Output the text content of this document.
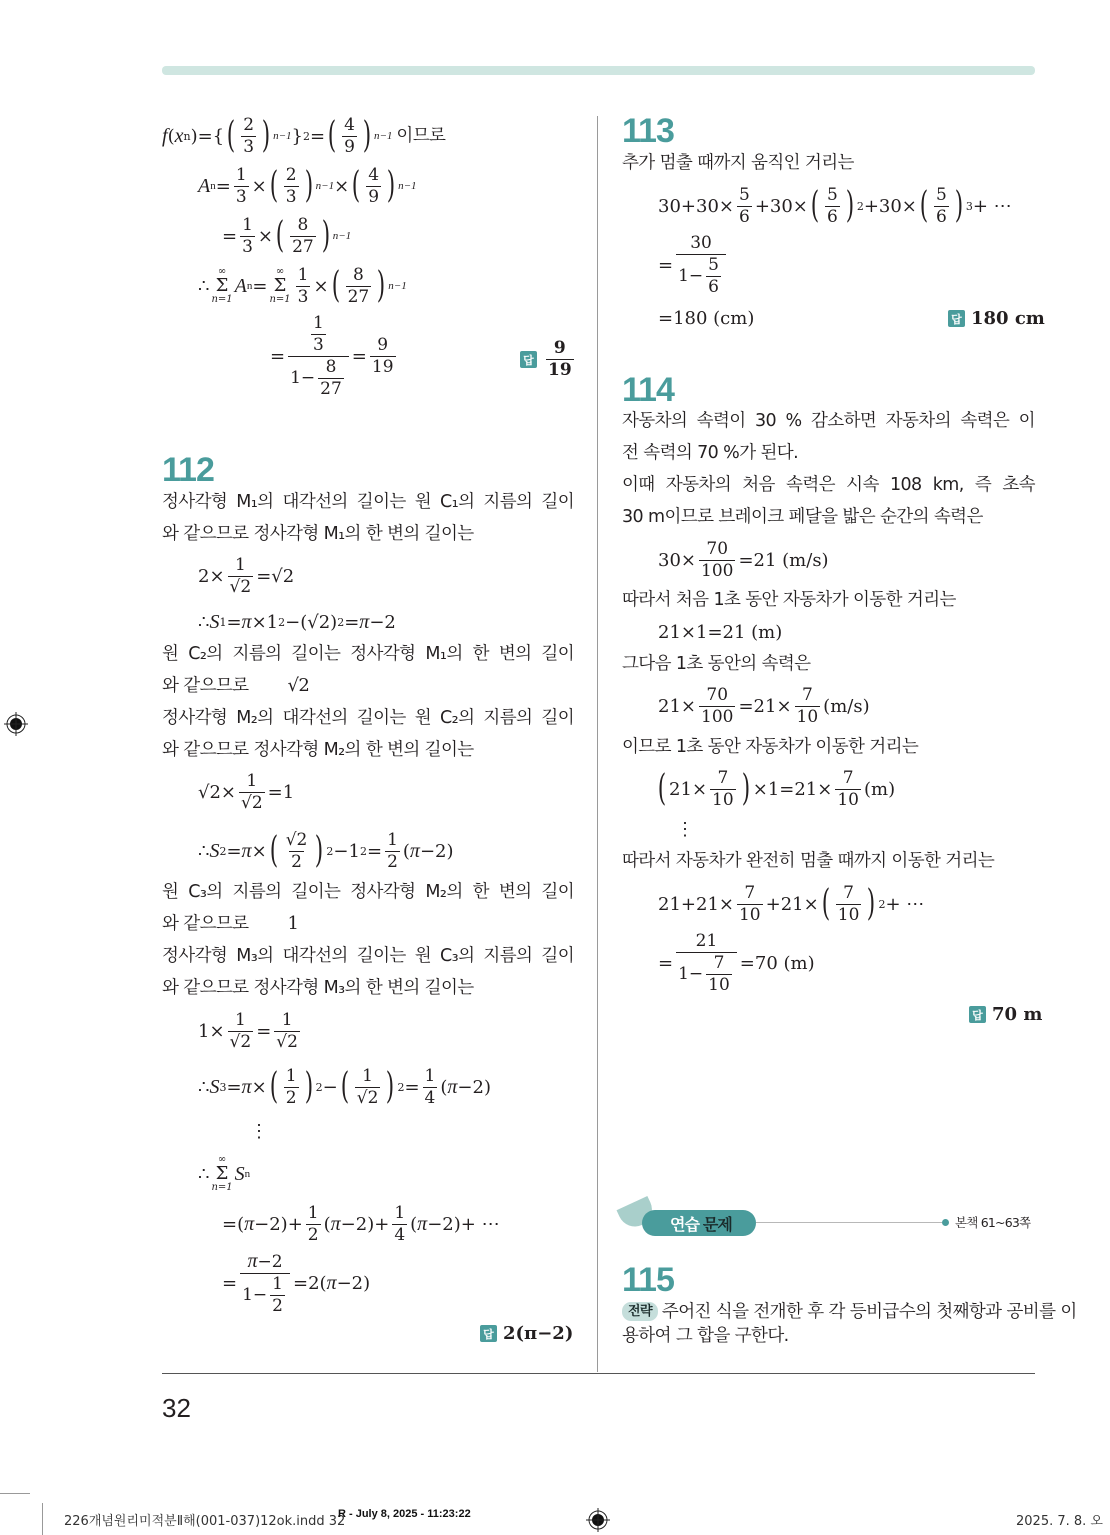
32
f ( x n )={ ( $\frac{2}{3}$ ) n−1 } 2 = ( $\frac{4}{9}$ ) n−1 이므로
A $n = \frac{1}{3}$ × ( $\frac{2}{3}$ ) n−1 × ( $\frac{4}{9}$ ) n−1
= $\frac{1}{3}$ × ( $\frac{8}{27}$ ) n−1
∴
∞
Σ
n=1
A n =
∞
Σ
$n=1 \frac{1}{3}$ × ( $\frac{8}{27}$ ) n−1
= $\frac{\frac{1}{3}}{1- \frac{8}{27}} = \frac{9}{19}$	답 $\frac{9}{19}$
112
정사각형 M₁의 대각선의 길이는 원 C₁의 지름의 길이
와 같으므로 정사각형 M₁의 한 변의 길이는
$2\times \frac{1}{√2} =√2$
∴ S 1 = π ×1 2 −(√2) 2 = π −2
원 C₂의 지름의 길이는 정사각형 M₁의 한 변의 길이
와 같으므로 √2
정사각형 M₂의 대각선의 길이는 원 C₂의 지름의 길이
와 같으므로 정사각형 M₂의 한 변의 길이는
$√2\times \frac{1}{√2} =1$
∴ S 2 = π × ( $\frac{√2}{2}$ ) 2 −1 $2 = \frac{1}{2}$ ( π −2)
원 C₃의 지름의 길이는 정사각형 M₂의 한 변의 길이
와 같으므로 1
정사각형 M₃의 대각선의 길이는 원 C₃의 지름의 길이
와 같으므로 정사각형 M₃의 한 변의 길이는
$1\times \frac{1}{√2} = \frac{1}{√2}$
∴ S 3 = π × ( $\frac{1}{2}$ ) 2 − ( $\frac{1}{√2}$ ) $2 = \frac{1}{4}$ ( π −2)
⋮
∴
∞
Σ
n=1
S n
=( $\pi -2)+ \frac{1}{2}$ ( $\pi -2)+ \frac{1}{4}$ ( π −2)+ ⋯
= $\frac{\pi-2}{1- \frac{1}{2}} =2$( π −2)
답 2(π−2)
113
추가 멈출 때까지 움직인 거리는
$30+30\times \frac{5}{6} +30\times$ ( $\frac{5}{6}$ ) 2 +30× ( $\frac{5}{6}$ ) 3 + ⋯
= $\frac{30}{1- \frac{5}{6}}$
=180 (cm)	답 180 cm
114
자동차의 속력이 30 % 감소하면 자동차의 속력은 이
전 속력의 70 %가 된다.
이때 자동차의 처음 속력은 시속 108 km, 즉 초속
30 m이므로 브레이크 페달을 밟은 순간의 속력은
$30\times \frac{70}{100} =21$ (m/s)
따라서 처음 1초 동안 자동차가 이동한 거리는
21×1=21 (m)
그다음 1초 동안의 속력은
$21\times \frac{70}{100} =21\times \frac{7}{10} (m/s)$
이므로 1초 동안 자동차가 이동한 거리는
( $21\times \frac{7}{10}$ ) $\times 1=21\times \frac{7}{10} (m)$
⋮
따라서 자동차가 완전히 멈출 때까지 이동한 거리는
$21+21\times \frac{7}{10} +21\times$ ( $\frac{7}{10}$ ) 2 + ⋯
= $\frac{21}{1- \frac{7}{10}} =70$ (m)
답 70 m
연습 문제	본책 61~63쪽
115
전략 주어진 식을 전개한 후 각 등비급수의 첫째항과 공비를 이
용하여 그 합을 구한다.
226개념원리미적분Ⅱ해(001-037)12ok.indd 32
R - July 8, 2025 - 11:23:22	2025. 7. 8. 오
